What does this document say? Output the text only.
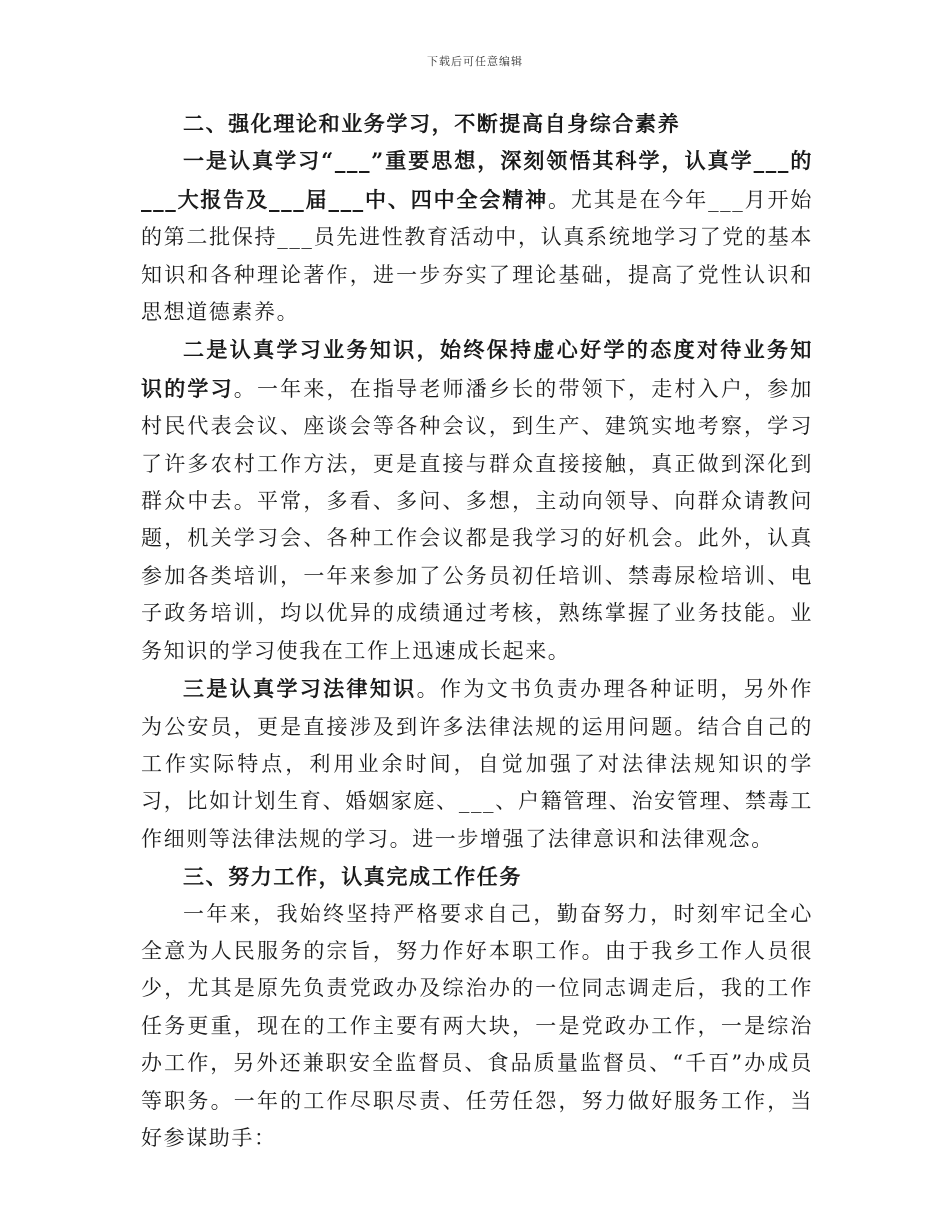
下载后可任意编辑

二、强化理论和业务学习，不断提高自身综合素养

一是认真学习“___”重要思想，深刻领悟其科学，认真学___的___大报告及___届___中、四中全会精神。尤其是在今年___月开始的第二批保持___员先进性教育活动中，认真系统地学习了党的基本知识和各种理论著作，进一步夯实了理论基础，提高了党性认识和思想道德素养。

二是认真学习业务知识，始终保持虚心好学的态度对待业务知识的学习。一年来，在指导老师潘乡长的带领下，走村入户，参加村民代表会议、座谈会等各种会议，到生产、建筑实地考察，学习了许多农村工作方法，更是直接与群众直接接触，真正做到深化到群众中去。平常，多看、多问、多想，主动向领导、向群众请教问题，机关学习会、各种工作会议都是我学习的好机会。此外，认真参加各类培训，一年来参加了公务员初任培训、禁毒尿检培训、电子政务培训，均以优异的成绩通过考核，熟练掌握了业务技能。业务知识的学习使我在工作上迅速成长起来。

三是认真学习法律知识。作为文书负责办理各种证明，另外作为公安员，更是直接涉及到许多法律法规的运用问题。结合自己的工作实际特点，利用业余时间，自觉加强了对法律法规知识的学习，比如计划生育、婚姻家庭、___、户籍管理、治安管理、禁毒工作细则等法律法规的学习。进一步增强了法律意识和法律观念。

三、努力工作，认真完成工作任务

一年来，我始终坚持严格要求自己，勤奋努力，时刻牢记全心全意为人民服务的宗旨，努力作好本职工作。由于我乡工作人员很少，尤其是原先负责党政办及综治办的一位同志调走后，我的工作任务更重，现在的工作主要有两大块，一是党政办工作，一是综治办工作，另外还兼职安全监督员、食品质量监督员、“千百”办成员等职务。一年的工作尽职尽责、任劳任怨，努力做好服务工作，当好参谋助手：
